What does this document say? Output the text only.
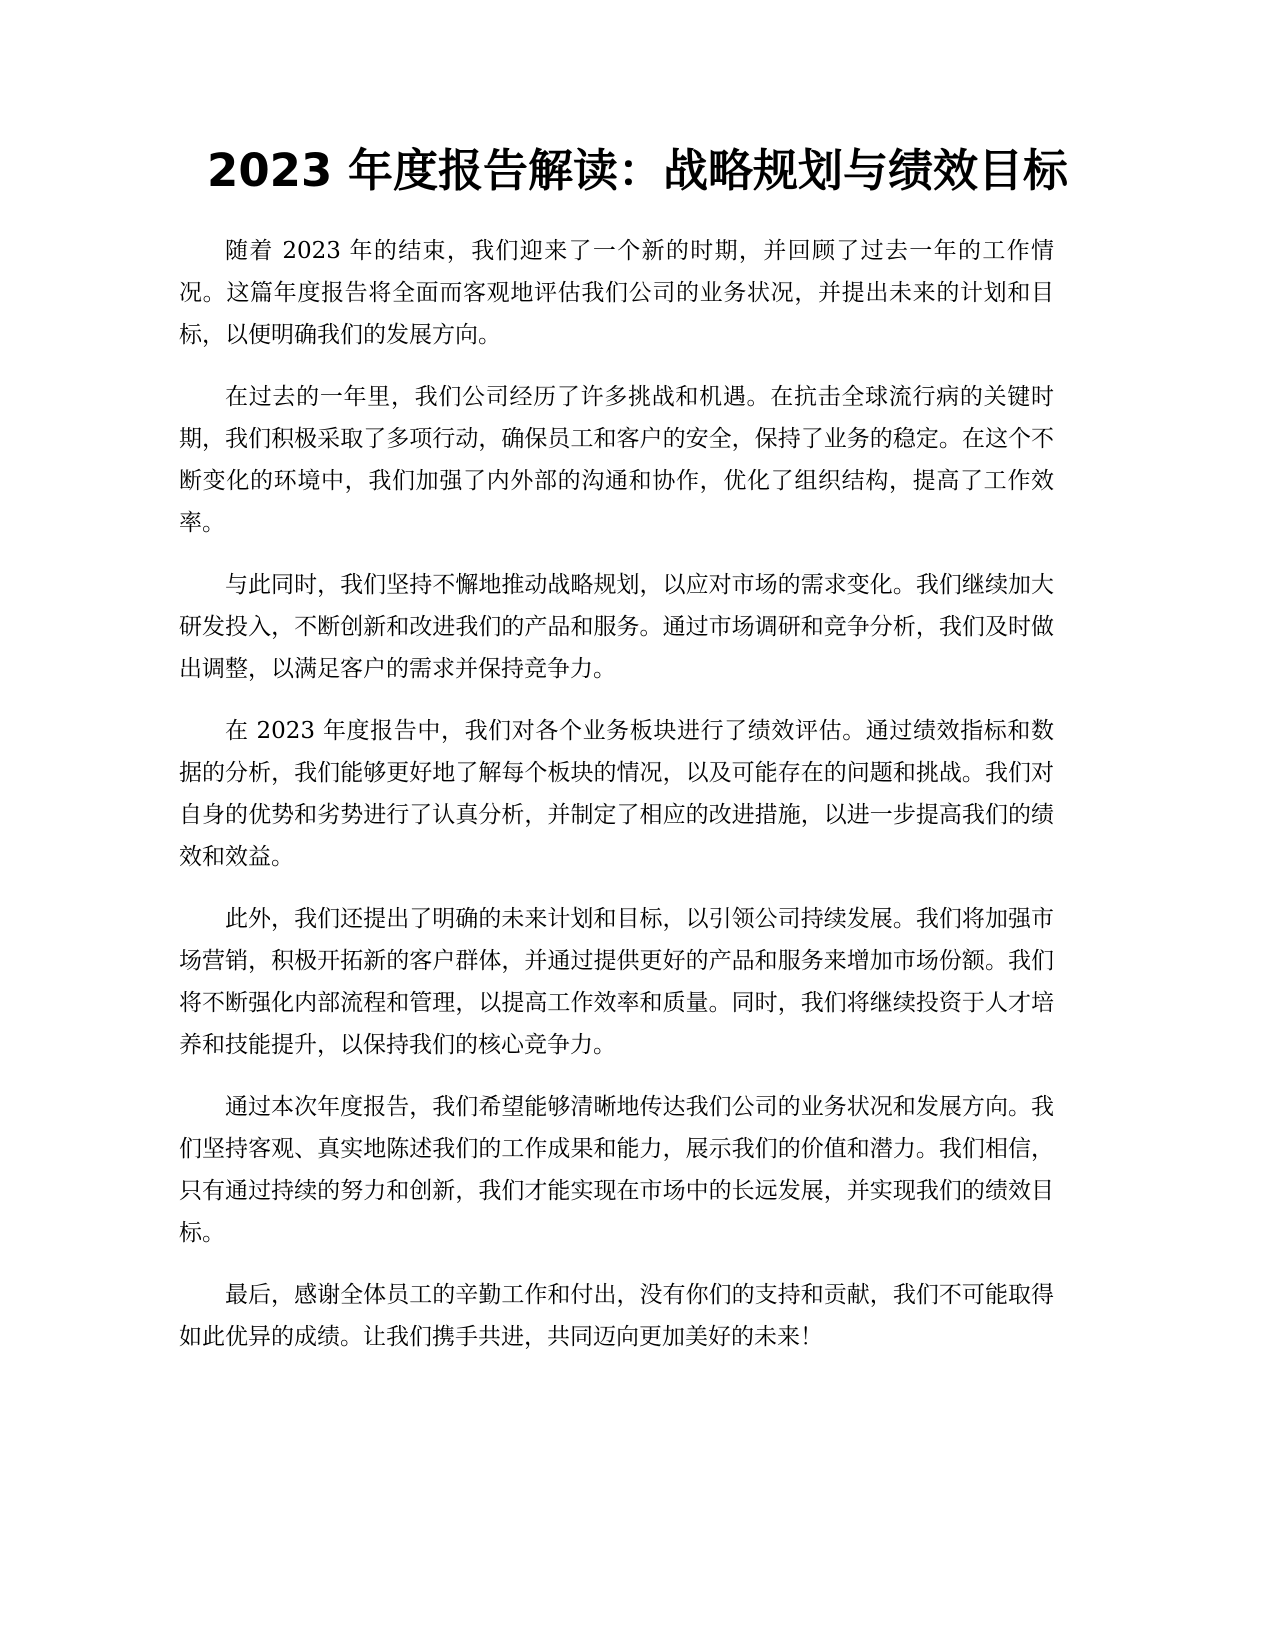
2023 年度报告解读：战略规划与绩效目标

随着 2023 年的结束，我们迎来了一个新的时期，并回顾了过去一年的工作情况。这篇年度报告将全面而客观地评估我们公司的业务状况，并提出未来的计划和目标，以便明确我们的发展方向。

在过去的一年里，我们公司经历了许多挑战和机遇。在抗击全球流行病的关键时期，我们积极采取了多项行动，确保员工和客户的安全，保持了业务的稳定。在这个不断变化的环境中，我们加强了内外部的沟通和协作，优化了组织结构，提高了工作效率。

与此同时，我们坚持不懈地推动战略规划，以应对市场的需求变化。我们继续加大研发投入，不断创新和改进我们的产品和服务。通过市场调研和竞争分析，我们及时做出调整，以满足客户的需求并保持竞争力。

在 2023 年度报告中，我们对各个业务板块进行了绩效评估。通过绩效指标和数据的分析，我们能够更好地了解每个板块的情况，以及可能存在的问题和挑战。我们对自身的优势和劣势进行了认真分析，并制定了相应的改进措施，以进一步提高我们的绩效和效益。

此外，我们还提出了明确的未来计划和目标，以引领公司持续发展。我们将加强市场营销，积极开拓新的客户群体，并通过提供更好的产品和服务来增加市场份额。我们将不断强化内部流程和管理，以提高工作效率和质量。同时，我们将继续投资于人才培养和技能提升，以保持我们的核心竞争力。

通过本次年度报告，我们希望能够清晰地传达我们公司的业务状况和发展方向。我们坚持客观、真实地陈述我们的工作成果和能力，展示我们的价值和潜力。我们相信，只有通过持续的努力和创新，我们才能实现在市场中的长远发展，并实现我们的绩效目标。

最后，感谢全体员工的辛勤工作和付出，没有你们的支持和贡献，我们不可能取得如此优异的成绩。让我们携手共进，共同迈向更加美好的未来！
